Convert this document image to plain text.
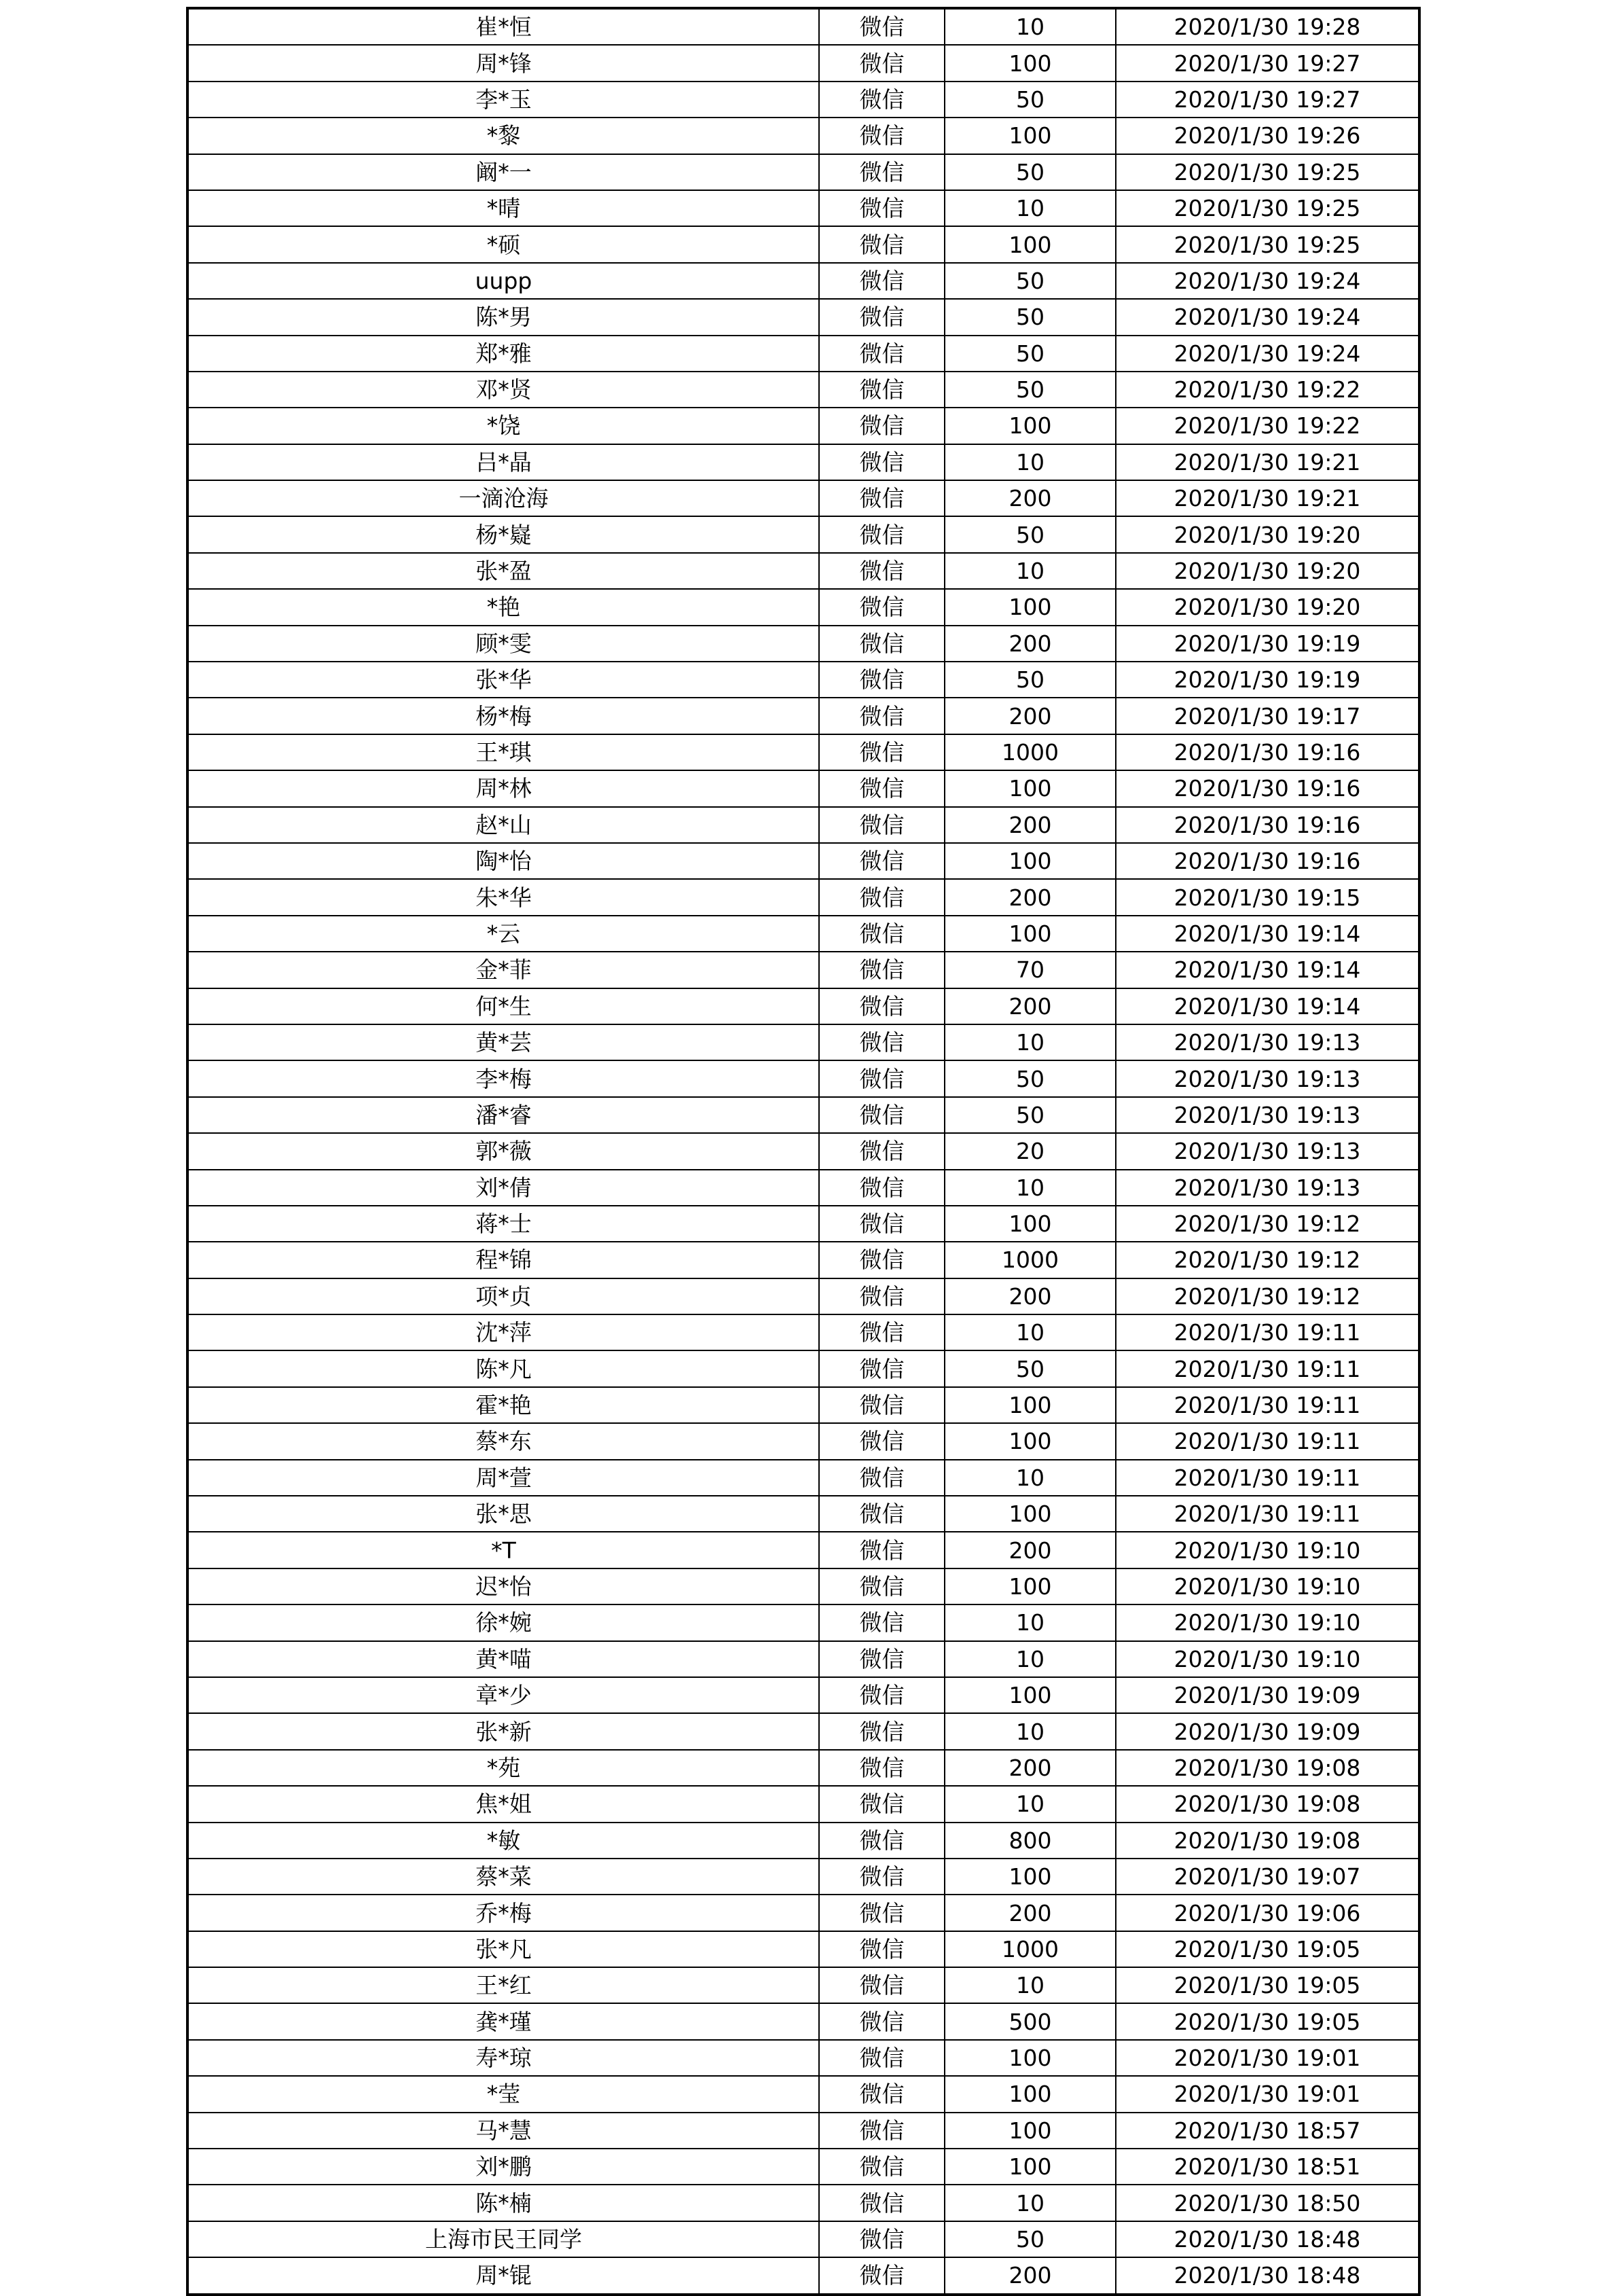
崔*恒	微信	10	2020/1/30 19:28
周*锋	微信	100	2020/1/30 19:27
李*玉	微信	50	2020/1/30 19:27
*黎	微信	100	2020/1/30 19:26
阚*一	微信	50	2020/1/30 19:25
*晴	微信	10	2020/1/30 19:25
*硕	微信	100	2020/1/30 19:25
uupp	微信	50	2020/1/30 19:24
陈*男	微信	50	2020/1/30 19:24
郑*雅	微信	50	2020/1/30 19:24
邓*贤	微信	50	2020/1/30 19:22
*饶	微信	100	2020/1/30 19:22
吕*晶	微信	10	2020/1/30 19:21
一滴沧海	微信	200	2020/1/30 19:21
杨*嶷	微信	50	2020/1/30 19:20
张*盈	微信	10	2020/1/30 19:20
*艳	微信	100	2020/1/30 19:20
顾*雯	微信	200	2020/1/30 19:19
张*华	微信	50	2020/1/30 19:19
杨*梅	微信	200	2020/1/30 19:17
王*琪	微信	1000	2020/1/30 19:16
周*林	微信	100	2020/1/30 19:16
赵*山	微信	200	2020/1/30 19:16
陶*怡	微信	100	2020/1/30 19:16
朱*华	微信	200	2020/1/30 19:15
*云	微信	100	2020/1/30 19:14
金*菲	微信	70	2020/1/30 19:14
何*生	微信	200	2020/1/30 19:14
黄*芸	微信	10	2020/1/30 19:13
李*梅	微信	50	2020/1/30 19:13
潘*睿	微信	50	2020/1/30 19:13
郭*薇	微信	20	2020/1/30 19:13
刘*倩	微信	10	2020/1/30 19:13
蒋*士	微信	100	2020/1/30 19:12
程*锦	微信	1000	2020/1/30 19:12
项*贞	微信	200	2020/1/30 19:12
沈*萍	微信	10	2020/1/30 19:11
陈*凡	微信	50	2020/1/30 19:11
霍*艳	微信	100	2020/1/30 19:11
蔡*东	微信	100	2020/1/30 19:11
周*萱	微信	10	2020/1/30 19:11
张*思	微信	100	2020/1/30 19:11
*T	微信	200	2020/1/30 19:10
迟*怡	微信	100	2020/1/30 19:10
徐*婉	微信	10	2020/1/30 19:10
黄*喵	微信	10	2020/1/30 19:10
章*少	微信	100	2020/1/30 19:09
张*新	微信	10	2020/1/30 19:09
*苑	微信	200	2020/1/30 19:08
焦*姐	微信	10	2020/1/30 19:08
*敏	微信	800	2020/1/30 19:08
蔡*菜	微信	100	2020/1/30 19:07
乔*梅	微信	200	2020/1/30 19:06
张*凡	微信	1000	2020/1/30 19:05
王*红	微信	10	2020/1/30 19:05
龚*瑾	微信	500	2020/1/30 19:05
寿*琼	微信	100	2020/1/30 19:01
*莹	微信	100	2020/1/30 19:01
马*慧	微信	100	2020/1/30 18:57
刘*鹏	微信	100	2020/1/30 18:51
陈*楠	微信	10	2020/1/30 18:50
上海市民王同学	微信	50	2020/1/30 18:48
周*锟	微信	200	2020/1/30 18:48
